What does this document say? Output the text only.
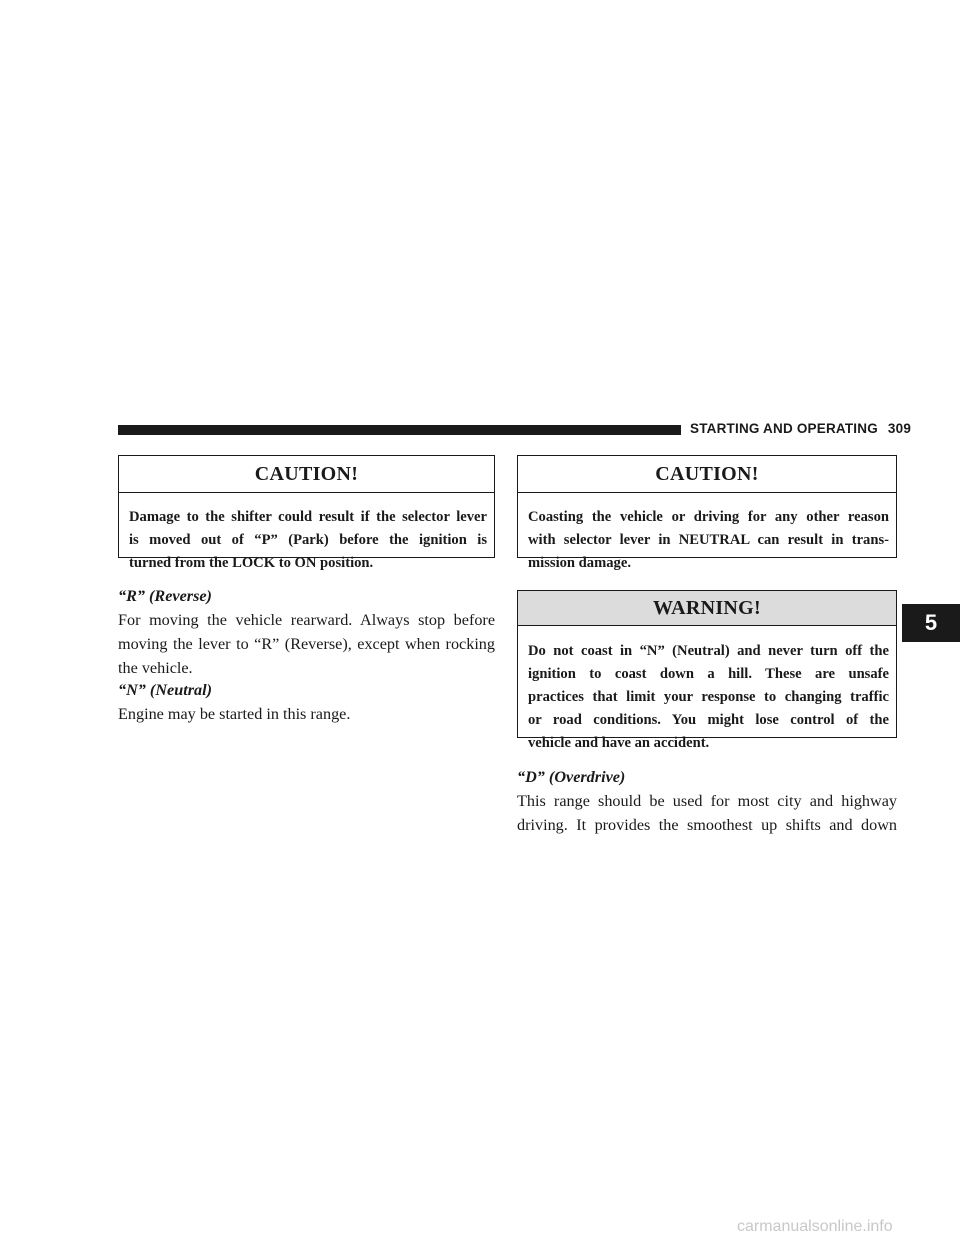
STARTING AND OPERATING 309
CAUTION!
Damage to the shifter could result if the selector lever
is moved out of “P” (Park) before the ignition is
turned from the LOCK to ON position.
“R” (Reverse)
For moving the vehicle rearward. Always stop before
moving the lever to “R” (Reverse), except when rocking
the vehicle.
“N” (Neutral)
Engine may be started in this range.
CAUTION!
Coasting the vehicle or driving for any other reason
with selector lever in NEUTRAL can result in trans-
mission damage.
WARNING!
Do not coast in “N” (Neutral) and never turn off the
ignition to coast down a hill. These are unsafe
practices that limit your response to changing traffic
or road conditions. You might lose control of the
vehicle and have an accident.
“D” (Overdrive)
This range should be used for most city and highway
driving. It provides the smoothest up shifts and down
5
carmanualsonline.info
